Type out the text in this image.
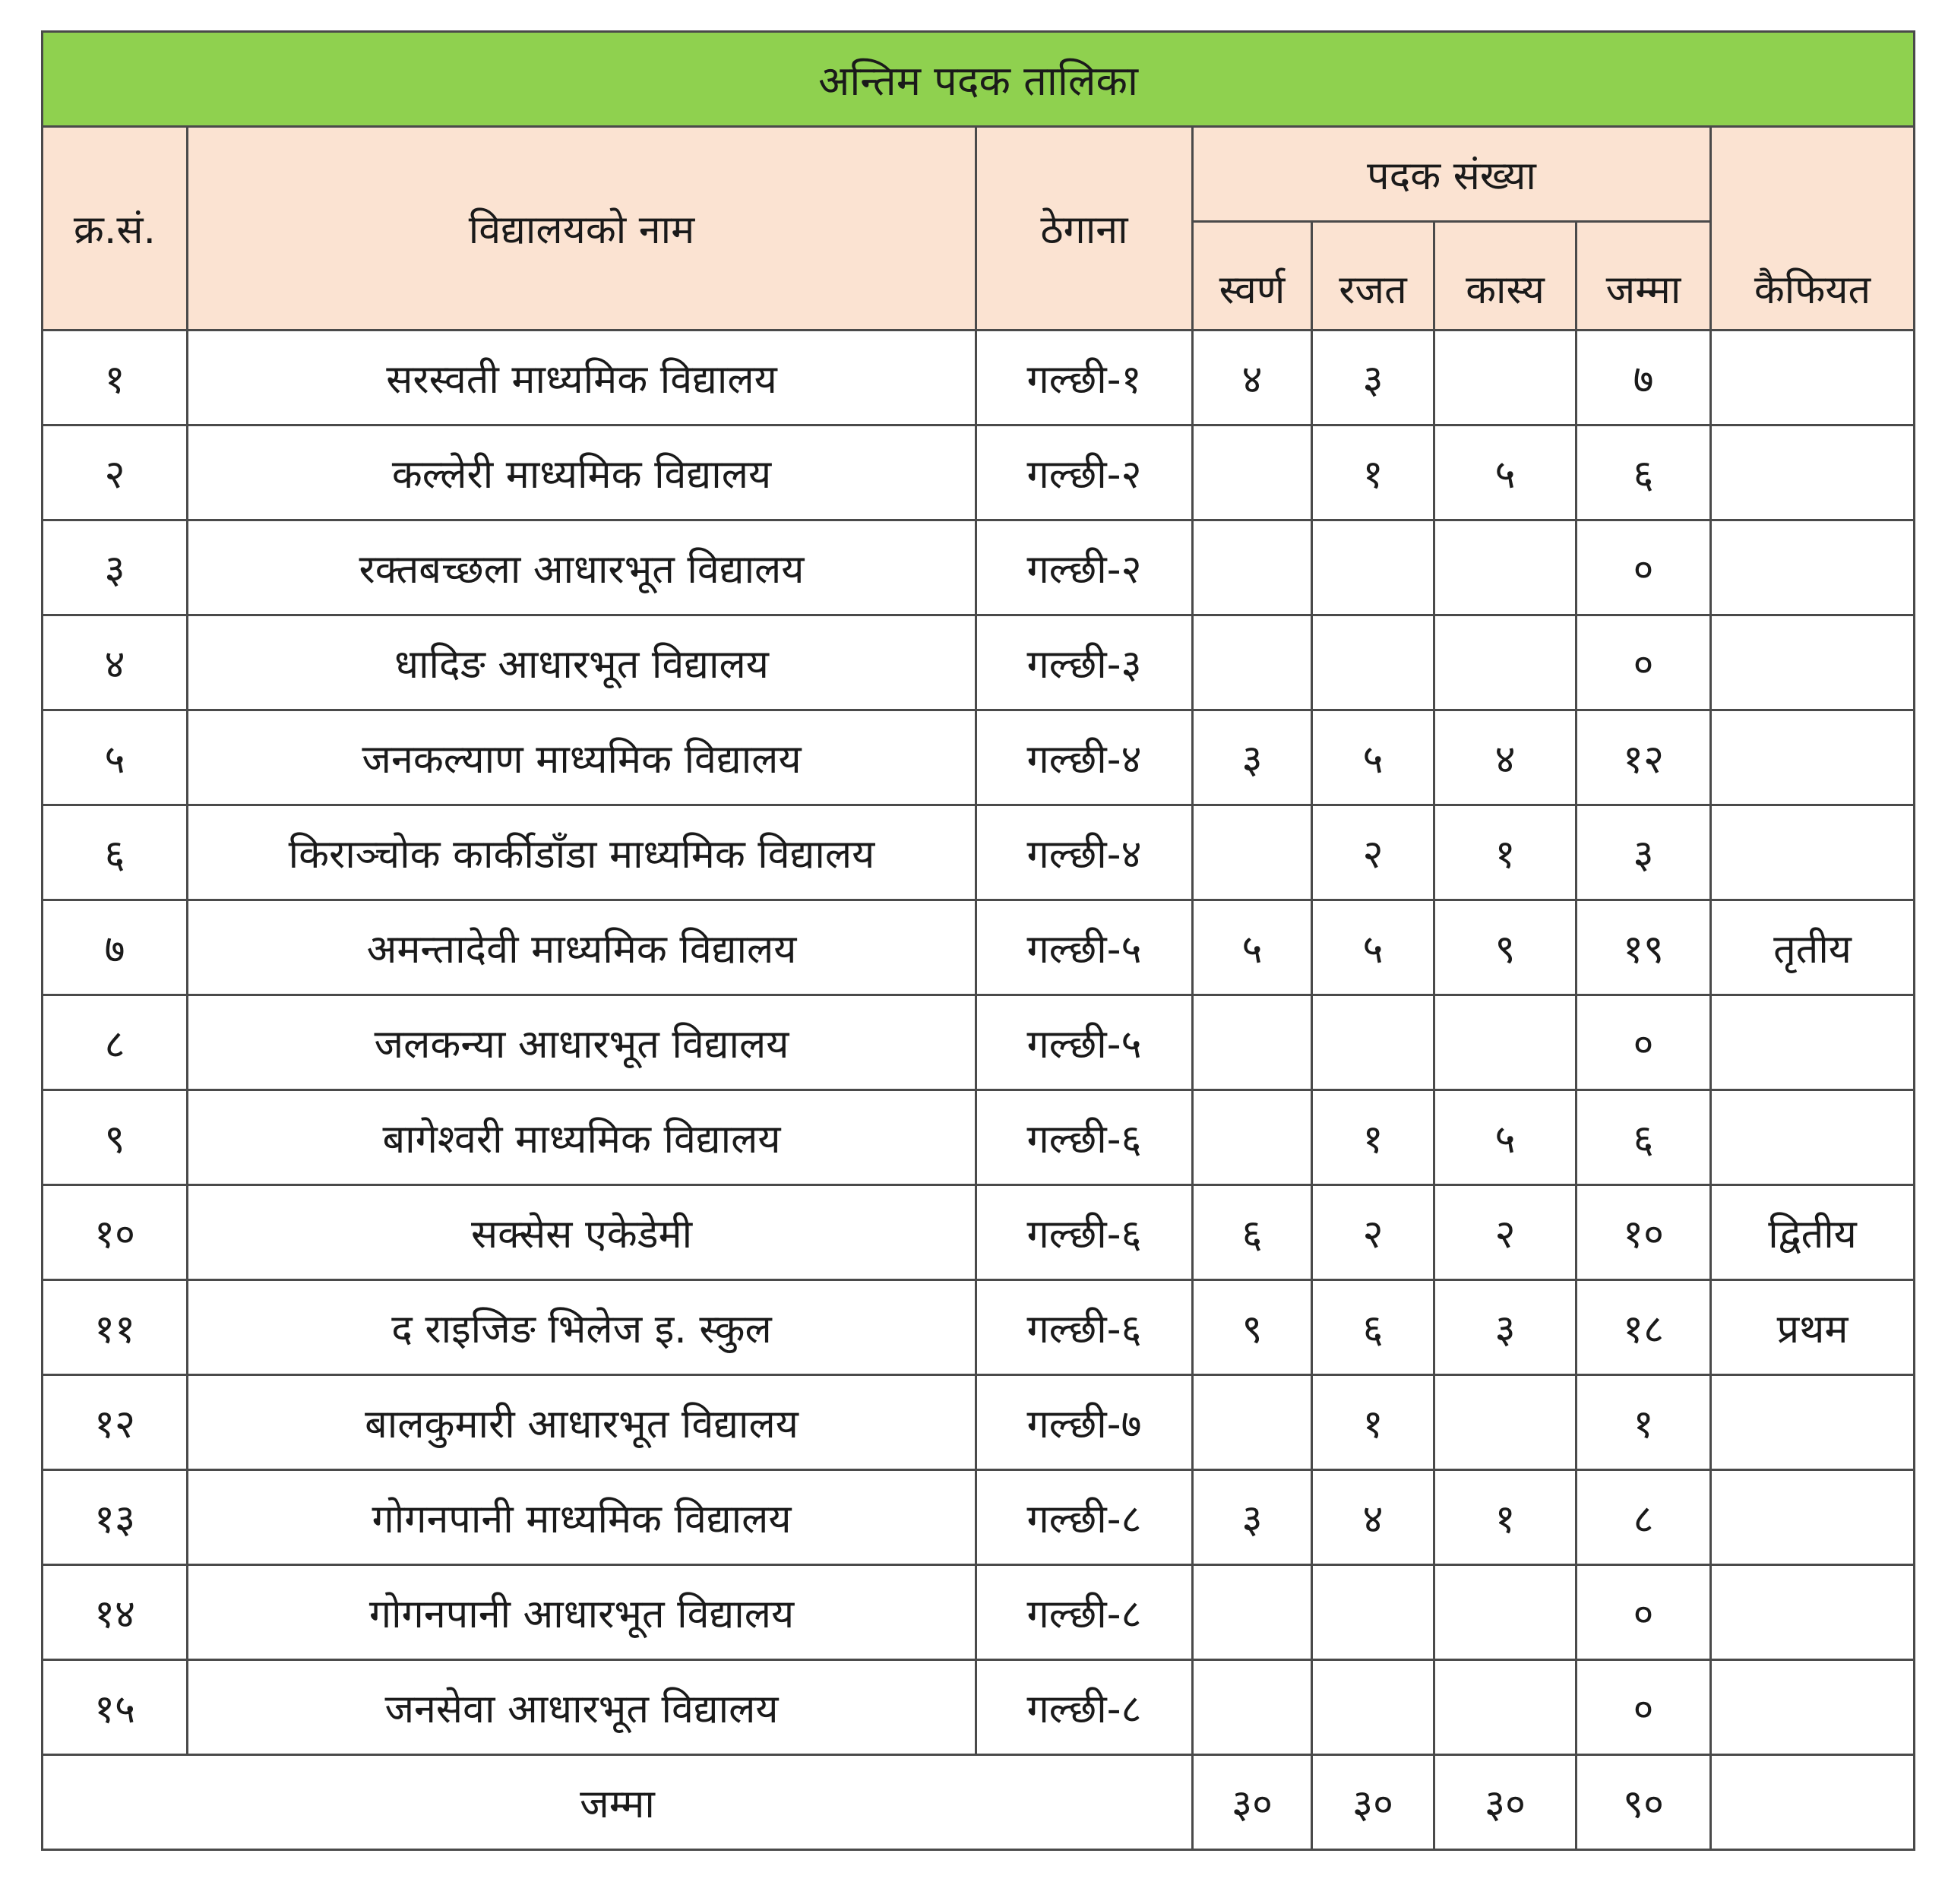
अन्तिम पदक तालिका							
क्र.सं.	विद्यालयको नाम	ठेगाना	पदक संख्या				कैफियत
			स्वर्ण	रजत	कास्य	जम्मा	
१	सरस्वती माध्यमिक विद्यालय	गल्छी-१	४	३		७	
२	कल्लेरी माध्यमिक विद्यालय	गल्छी-२		१	५	६	
३	रक्तबच्छला आधारभूत विद्यालय	गल्छी-२				०	
४	धादिङ आधारभूत विद्यालय	गल्छी-३				०	
५	जनकल्याण माध्यमिक विद्यालय	गल्छी-४	३	५	४	१२	
६	किराञ्चोक कार्कीडाँडा माध्यमिक विद्यालय	गल्छी-४		२	१	३	
७	अमन्तादेवी माध्यमिक विद्यालय	गल्छी-५	५	५	९	१९	तृतीय
८	जलकन्या आधारभूत विद्यालय	गल्छी-५				०	
९	बागेश्वरी माध्यमिक विद्यालय	गल्छी-६		१	५	६	
१०	सक्सेस एकेडेमी	गल्छी-६	६	२	२	१०	द्वितीय
११	द राइजिङ भिलेज इ. स्कुल	गल्छी-६	९	६	३	१८	प्रथम
१२	बालकुमारी आधारभूत विद्यालय	गल्छी-७		१		१	
१३	गोगनपानी माध्यमिक विद्यालय	गल्छी-८	३	४	१	८	
१४	गोगनपानी आधारभूत विद्यालय	गल्छी-८				०	
१५	जनसेवा आधारभूत विद्यालय	गल्छी-८				०	
जम्मा			३०	३०	३०	९०	
